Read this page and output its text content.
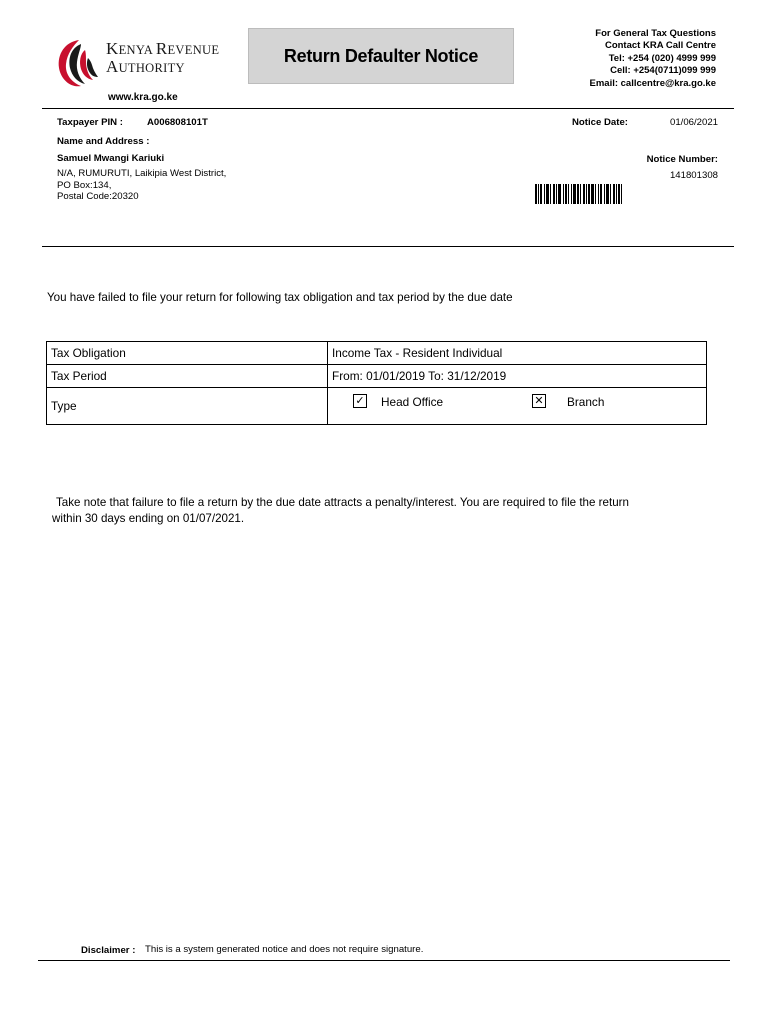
KENYA REVENUE
AUTHORITY
www.kra.go.ke
Return Defaulter Notice
For General Tax Questions
Contact KRA Call Centre
Tel: +254 (020) 4999 999
Cell: +254(0711)099 999
Email: callcentre@kra.go.ke
Taxpayer PIN :	A006808101T
Name and Address :
Samuel Mwangi Kariuki
N/A, RUMURUTI, Laikipia West District,
PO Box:134,
Postal Code:20320
Notice Date:	01/06/2021
Notice Number:
141801308
You have failed to file your return for following tax obligation and tax period by the due date
Tax Obligation	Income Tax - Resident Individual
Tax Period	From: 01/01/2019 To: 31/12/2019
Type	✓ Head Office ✕ Branch
Take note that failure to file a return by the due date attracts a penalty/interest. You are required to file the return
within 30 days ending on 01/07/2021.
Disclaimer : This is a system generated notice and does not require signature.
